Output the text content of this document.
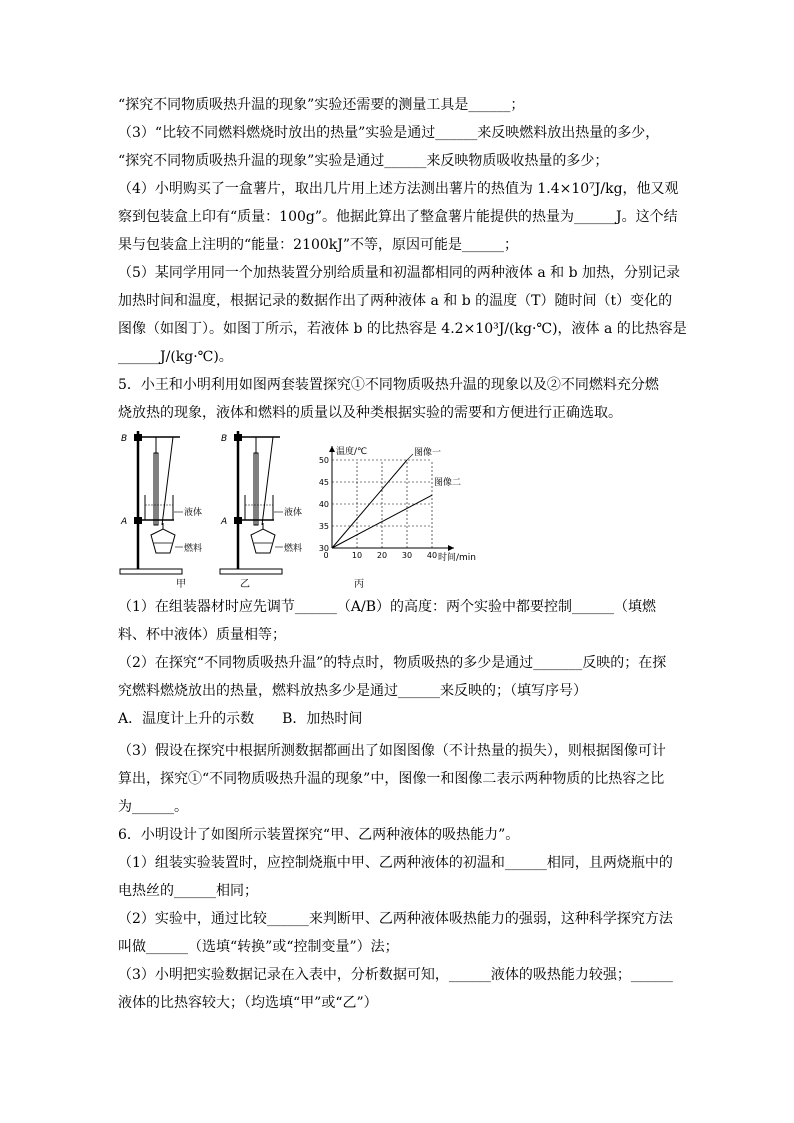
“探究不同物质吸热升温的现象”实验还需要的测量工具是______；
（3）“比较不同燃料燃烧时放出的热量”实验是通过______来反映燃料放出热量的多少，
“探究不同物质吸热升温的现象”实验是通过______来反映物质吸收热量的多少；
（4）小明购买了一盒薯片，取出几片用上述方法测出薯片的热值为 1.4×10⁷J/kg，他又观
察到包装盒上印有“质量：100g”。他据此算出了整盒薯片能提供的热量为______J。这个结
果与包装盒上注明的“能量：2100kJ”不等，原因可能是______；
（5）某同学用同一个加热装置分别给质量和初温都相同的两种液体 a 和 b 加热，分别记录
加热时间和温度，根据记录的数据作出了两种液体 a 和 b 的温度（T）随时间（t）变化的
图像（如图丁）。如图丁所示，若液体 b 的比热容是 4.2×10³J/(kg·℃)，液体 a 的比热容是
______J/(kg·℃)。
5．小王和小明利用如图两套装置探究①不同物质吸热升温的现象以及②不同燃料充分燃
烧放热的现象，液体和燃料的质量以及种类根据实验的需要和方便进行正确选取。
（1）在组装器材时应先调节______（A/B）的高度：两个实验中都要控制______（填燃
料、杯中液体）质量相等；
（2）在探究“不同物质吸热升温”的特点时，物质吸热的多少是通过_______反映的；在探
究燃料燃烧放出的热量，燃料放热多少是通过______来反映的；（填写序号）
A．温度计上升的示数　　B．加热时间
（3）假设在探究中根据所测数据都画出了如图图像（不计热量的损失），则根据图像可计
算出，探究①“不同物质吸热升温的现象”中，图像一和图像二表示两种物质的比热容之比
为______。
6．小明设计了如图所示装置探究“甲、乙两种液体的吸热能力”。
（1）组装实验装置时，应控制烧瓶中甲、乙两种液体的初温和______相同，且两烧瓶中的
电热丝的______相同；
（2）实验中，通过比较______来判断甲、乙两种液体吸热能力的强弱，这种科学探究方法
叫做______（选填“转换”或“控制变量”）法；
（3）小明把实验数据记录在入表中，分析数据可知，______液体的吸热能力较强；______
液体的比热容较大；（均选填“甲”或“乙”）
B
A
液体
燃料
甲
B
A
液体
燃料
乙
30
35
40
45
50
0	10 20 30 40
温度/℃
时间/min
图像一
图像二
丙
